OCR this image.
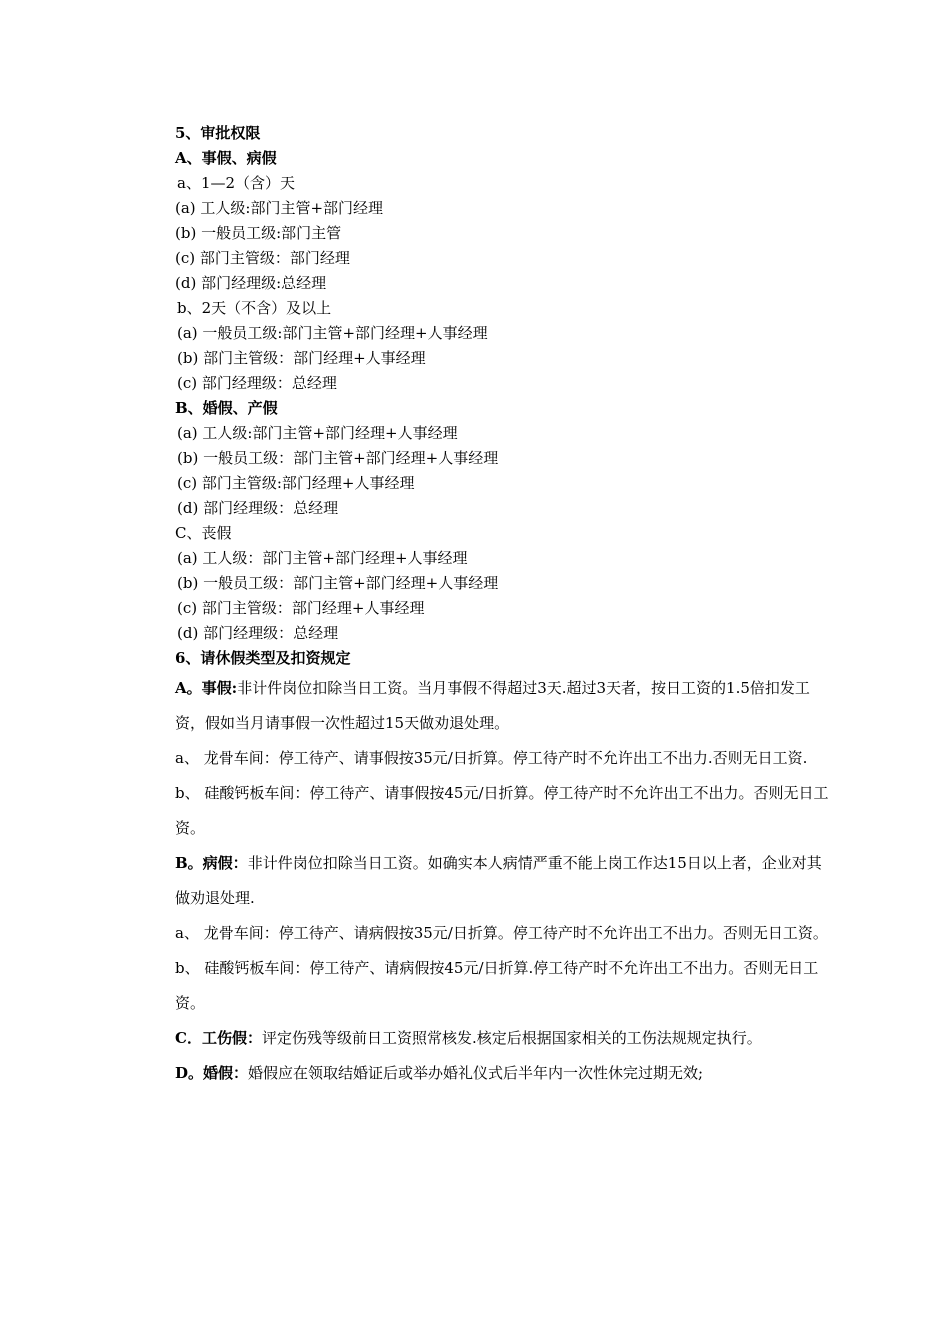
5、审批权限
A、事假、病假
a、1—2（含）天
(a) 工人级:部门主管+部门经理
(b) 一般员工级:部门主管
(c) 部门主管级：部门经理
(d) 部门经理级:总经理
b、2天（不含）及以上
(a) 一般员工级:部门主管+部门经理+人事经理
(b) 部门主管级：部门经理+人事经理
(c) 部门经理级：总经理
B、婚假、产假
(a) 工人级:部门主管+部门经理+人事经理
(b) 一般员工级：部门主管+部门经理+人事经理
(c) 部门主管级:部门经理+人事经理
(d) 部门经理级：总经理
C、丧假
(a) 工人级：部门主管+部门经理+人事经理
(b) 一般员工级：部门主管+部门经理+人事经理
(c) 部门主管级：部门经理+人事经理
(d) 部门经理级：总经理
6、请休假类型及扣资规定
A。事假:非计件岗位扣除当日工资。当月事假不得超过3天.超过3天者，按日工资的1.5倍扣发工资，假如当月请事假一次性超过15天做劝退处理。
a、 龙骨车间：停工待产、请事假按35元/日折算。停工待产时不允许出工不出力.否则无日工资.
b、 硅酸钙板车间：停工待产、请事假按45元/日折算。停工待产时不允许出工不出力。否则无日工资。
B。病假：非计件岗位扣除当日工资。如确实本人病情严重不能上岗工作达15日以上者，企业对其做劝退处理.
a、 龙骨车间：停工待产、请病假按35元/日折算。停工待产时不允许出工不出力。否则无日工资。
b、 硅酸钙板车间：停工待产、请病假按45元/日折算.停工待产时不允许出工不出力。否则无日工资。
C．工伤假：评定伤残等级前日工资照常核发.核定后根据国家相关的工伤法规规定执行。
D。婚假：婚假应在领取结婚证后或举办婚礼仪式后半年内一次性休完过期无效;
